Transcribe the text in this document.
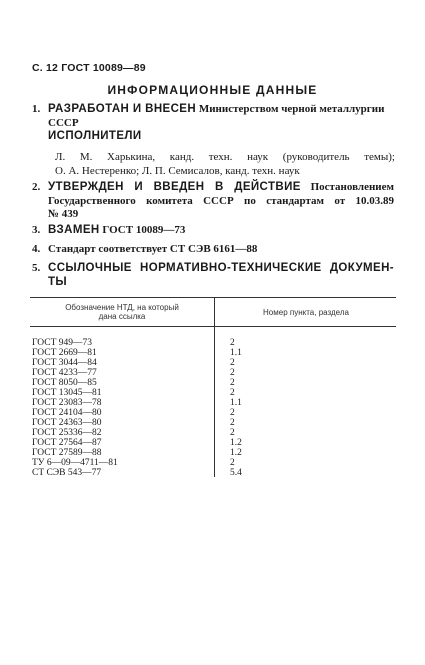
С. 12 ГОСТ 10089—89
ИНФОРМАЦИОННЫЕ ДАННЫЕ
1. РАЗРАБОТАН И ВНЕСЕН Министерством черной металлургии
СССР
ИСПОЛНИТЕЛИ
Л. М. Харькина, канд. техн. наук (руководитель темы);
О. А. Нестеренко; Л. П. Семисалов, канд. техн. наук
2. УТВЕРЖДЕН И ВВЕДЕН В ДЕЙСТВИЕ Постановлением
Государственного комитета СССР по стандартам от 10.03.89
№ 439
3. ВЗАМЕН ГОСТ 10089—73
4. Стандарт соответствует СТ СЭВ 6161—88
5. ССЫЛОЧНЫЕ НОРМАТИВНО-ТЕХНИЧЕСКИЕ ДОКУМЕН-
ТЫ
Обозначение НТД, на который
дана ссылка	Номер пункта, раздела
ГОСТ 949—73	2
ГОСТ 2669—81	1.1
ГОСТ 3044—84	2
ГОСТ 4233—77	2
ГОСТ 8050—85	2
ГОСТ 13045—81	2
ГОСТ 23083—78	1.1
ГОСТ 24104—80	2
ГОСТ 24363—80	2
ГОСТ 25336—82	2
ГОСТ 27564—87	1.2
ГОСТ 27589—88	1.2
ТУ 6—09—4711—81	2
СТ СЭВ 543—77	5.4
